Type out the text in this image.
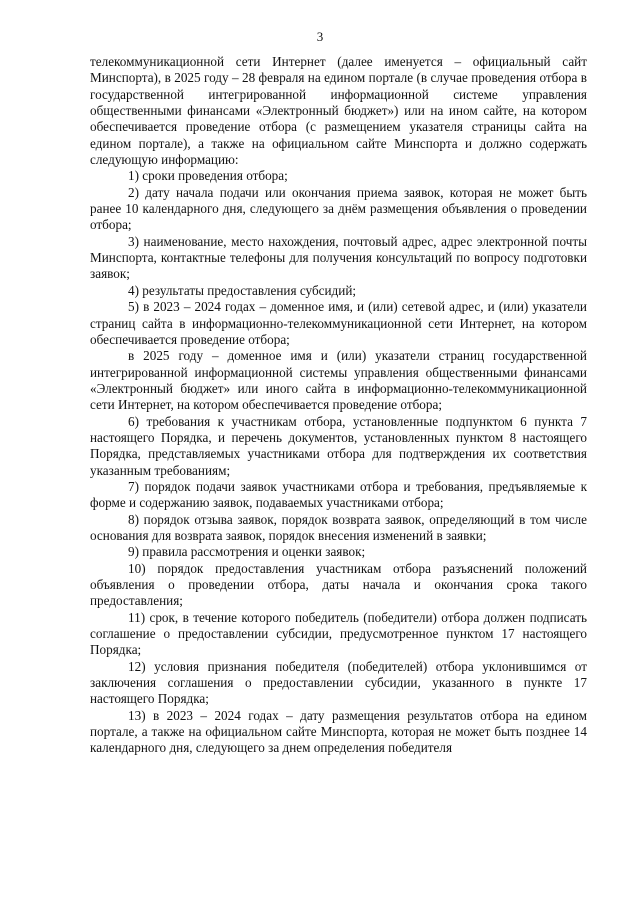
3

телекоммуникационной сети Интернет (далее именуется – официальный сайт Минспорта), в 2025 году – 28 февраля на едином портале (в случае проведения отбора в государственной интегрированной информационной системе управления общественными финансами «Электронный бюджет») или на ином сайте, на котором обеспечивается проведение отбора (с размещением указателя страницы сайта на едином портале), а также на официальном сайте Минспорта и должно содержать следующую информацию:

1) сроки проведения отбора;

2) дату начала подачи или окончания приема заявок, которая не может быть ранее 10 календарного дня, следующего за днём размещения объявления о проведении отбора;

3) наименование, место нахождения, почтовый адрес, адрес электронной почты Минспорта, контактные телефоны для получения консультаций по вопросу подготовки заявок;

4) результаты предоставления субсидий;

5) в 2023 – 2024 годах – доменное имя, и (или) сетевой адрес, и (или) указатели страниц сайта в информационно-телекоммуникационной сети Интернет, на котором обеспечивается проведение отбора;

в 2025 году – доменное имя и (или) указатели страниц государственной интегрированной информационной системы управления общественными финансами «Электронный бюджет» или иного сайта в информационно-телекоммуникационной сети Интернет, на котором обеспечивается проведение отбора;

6) требования к участникам отбора, установленные подпунктом 6 пункта 7 настоящего Порядка, и перечень документов, установленных пунктом 8 настоящего Порядка, представляемых участниками отбора для подтверждения их соответствия указанным требованиям;

7) порядок подачи заявок участниками отбора и требования, предъявляемые к форме и содержанию заявок, подаваемых участниками отбора;

8) порядок отзыва заявок, порядок возврата заявок, определяющий в том числе основания для возврата заявок, порядок внесения изменений в заявки;

9) правила рассмотрения и оценки заявок;

10) порядок предоставления участникам отбора разъяснений положений объявления о проведении отбора, даты начала и окончания срока такого предоставления;

11) срок, в течение которого победитель (победители) отбора должен подписать соглашение о предоставлении субсидии, предусмотренное пунктом 17 настоящего Порядка;

12) условия признания победителя (победителей) отбора уклонившимся от заключения соглашения о предоставлении субсидии, указанного в пункте 17 настоящего Порядка;

13) в 2023 – 2024 годах – дату размещения результатов отбора на едином портале, а также на официальном сайте Минспорта, которая не может быть позднее 14 календарного дня, следующего за днем определения победителя
